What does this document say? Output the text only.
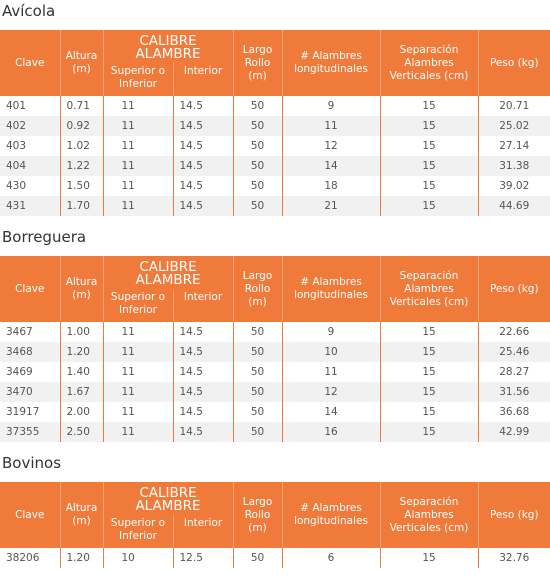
Avícola
Clave	Altura (m)	CALIBRE ALAMBRE		Largo Rollo (m)	# Alambres longitudinales	Separación Alambres Verticales (cm)	Peso (kg)
		Superior o Inferior	Interior				
401	0.71	11	14.5	50	9	15	20.71
402	0.92	11	14.5	50	11	15	25.02
403	1.02	11	14.5	50	12	15	27.14
404	1.22	11	14.5	50	14	15	31.38
430	1.50	11	14.5	50	18	15	39.02
431	1.70	11	14.5	50	21	15	44.69
Borreguera
Clave	Altura (m)	CALIBRE ALAMBRE		Largo Rollo (m)	# Alambres longitudinales	Separación Alambres Verticales (cm)	Peso (kg)
		Superior o Inferior	Interior				
3467	1.00	11	14.5	50	9	15	22.66
3468	1.20	11	14.5	50	10	15	25.46
3469	1.40	11	14.5	50	11	15	28.27
3470	1.67	11	14.5	50	12	15	31.56
31917	2.00	11	14.5	50	14	15	36.68
37355	2.50	11	14.5	50	16	15	42.99
Bovinos
Clave	Altura (m)	CALIBRE ALAMBRE		Largo Rollo (m)	# Alambres longitudinales	Separación Alambres Verticales (cm)	Peso (kg)
		Superior o Inferior	Interior				
38206	1.20	10	12.5	50	6	15	32.76
